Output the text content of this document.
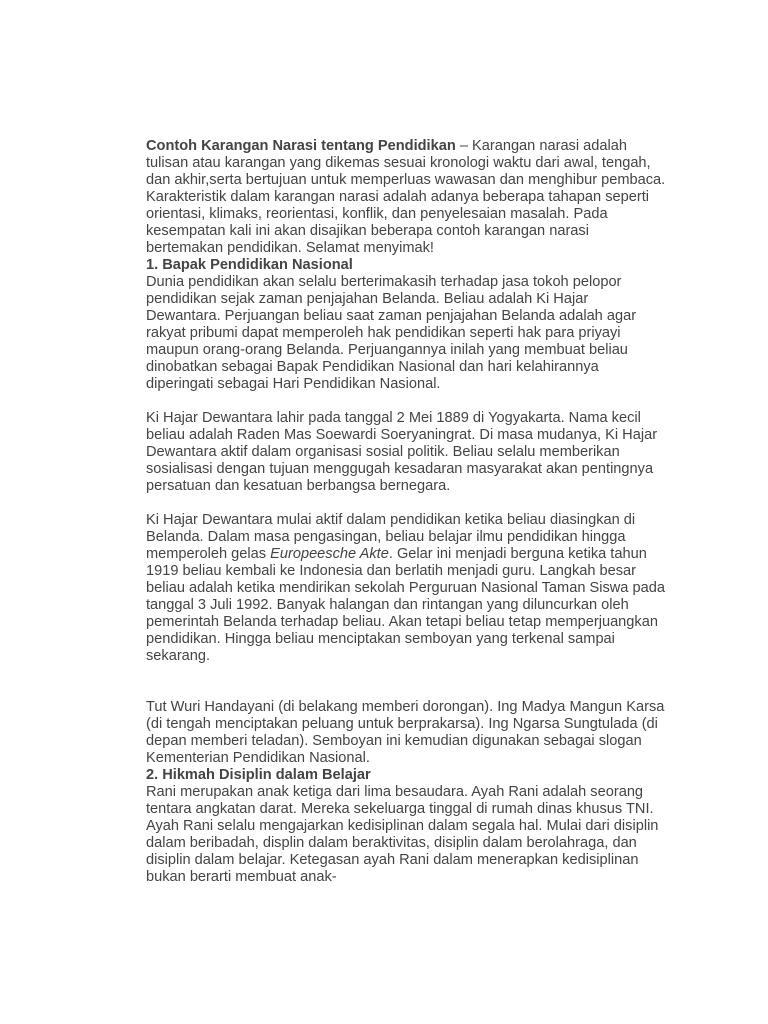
Contoh Karangan Narasi tentang Pendidikan – Karangan narasi adalah tulisan atau karangan yang dikemas sesuai kronologi waktu dari awal, tengah, dan akhir,serta bertujuan untuk memperluas wawasan dan menghibur pembaca. Karakteristik dalam karangan narasi adalah adanya beberapa tahapan seperti orientasi, klimaks, reorientasi, konflik, dan penyelesaian masalah. Pada kesempatan kali ini akan disajikan beberapa contoh karangan narasi bertemakan pendidikan. Selamat menyimak!

1. Bapak Pendidikan Nasional

Dunia pendidikan akan selalu berterimakasih terhadap jasa tokoh pelopor pendidikan sejak zaman penjajahan Belanda. Beliau adalah Ki Hajar Dewantara. Perjuangan beliau saat zaman penjajahan Belanda adalah agar rakyat pribumi dapat memperoleh hak pendidikan seperti hak para priyayi maupun orang-orang Belanda. Perjuangannya inilah yang membuat beliau dinobatkan sebagai Bapak Pendidikan Nasional dan hari kelahirannya diperingati sebagai Hari Pendidikan Nasional.

Ki Hajar Dewantara lahir pada tanggal 2 Mei 1889 di Yogyakarta. Nama kecil beliau adalah Raden Mas Soewardi Soeryaningrat. Di masa mudanya, Ki Hajar Dewantara aktif dalam organisasi sosial politik. Beliau selalu memberikan sosialisasi dengan tujuan menggugah kesadaran masyarakat akan pentingnya persatuan dan kesatuan berbangsa bernegara.

Ki Hajar Dewantara mulai aktif dalam pendidikan ketika beliau diasingkan di Belanda. Dalam masa pengasingan, beliau belajar ilmu pendidikan hingga memperoleh gelas Europeesche Akte. Gelar ini menjadi berguna ketika tahun 1919 beliau kembali ke Indonesia dan berlatih menjadi guru. Langkah besar beliau adalah ketika mendirikan sekolah Perguruan Nasional Taman Siswa pada tanggal 3 Juli 1992. Banyak halangan dan rintangan yang diluncurkan oleh pemerintah Belanda terhadap beliau. Akan tetapi beliau tetap memperjuangkan pendidikan. Hingga beliau menciptakan semboyan yang terkenal sampai sekarang.

Tut Wuri Handayani (di belakang memberi dorongan). Ing Madya Mangun Karsa (di tengah menciptakan peluang untuk berprakarsa). Ing Ngarsa Sungtulada (di depan memberi teladan). Semboyan ini kemudian digunakan sebagai slogan Kementerian Pendidikan Nasional.

2. Hikmah Disiplin dalam Belajar

Rani merupakan anak ketiga dari lima besaudara. Ayah Rani adalah seorang tentara angkatan darat. Mereka sekeluarga tinggal di rumah dinas khusus TNI. Ayah Rani selalu mengajarkan kedisiplinan dalam segala hal. Mulai dari disiplin dalam beribadah, displin dalam beraktivitas, disiplin dalam berolahraga, dan disiplin dalam belajar. Ketegasan ayah Rani dalam menerapkan kedisiplinan bukan berarti membuat anak-
